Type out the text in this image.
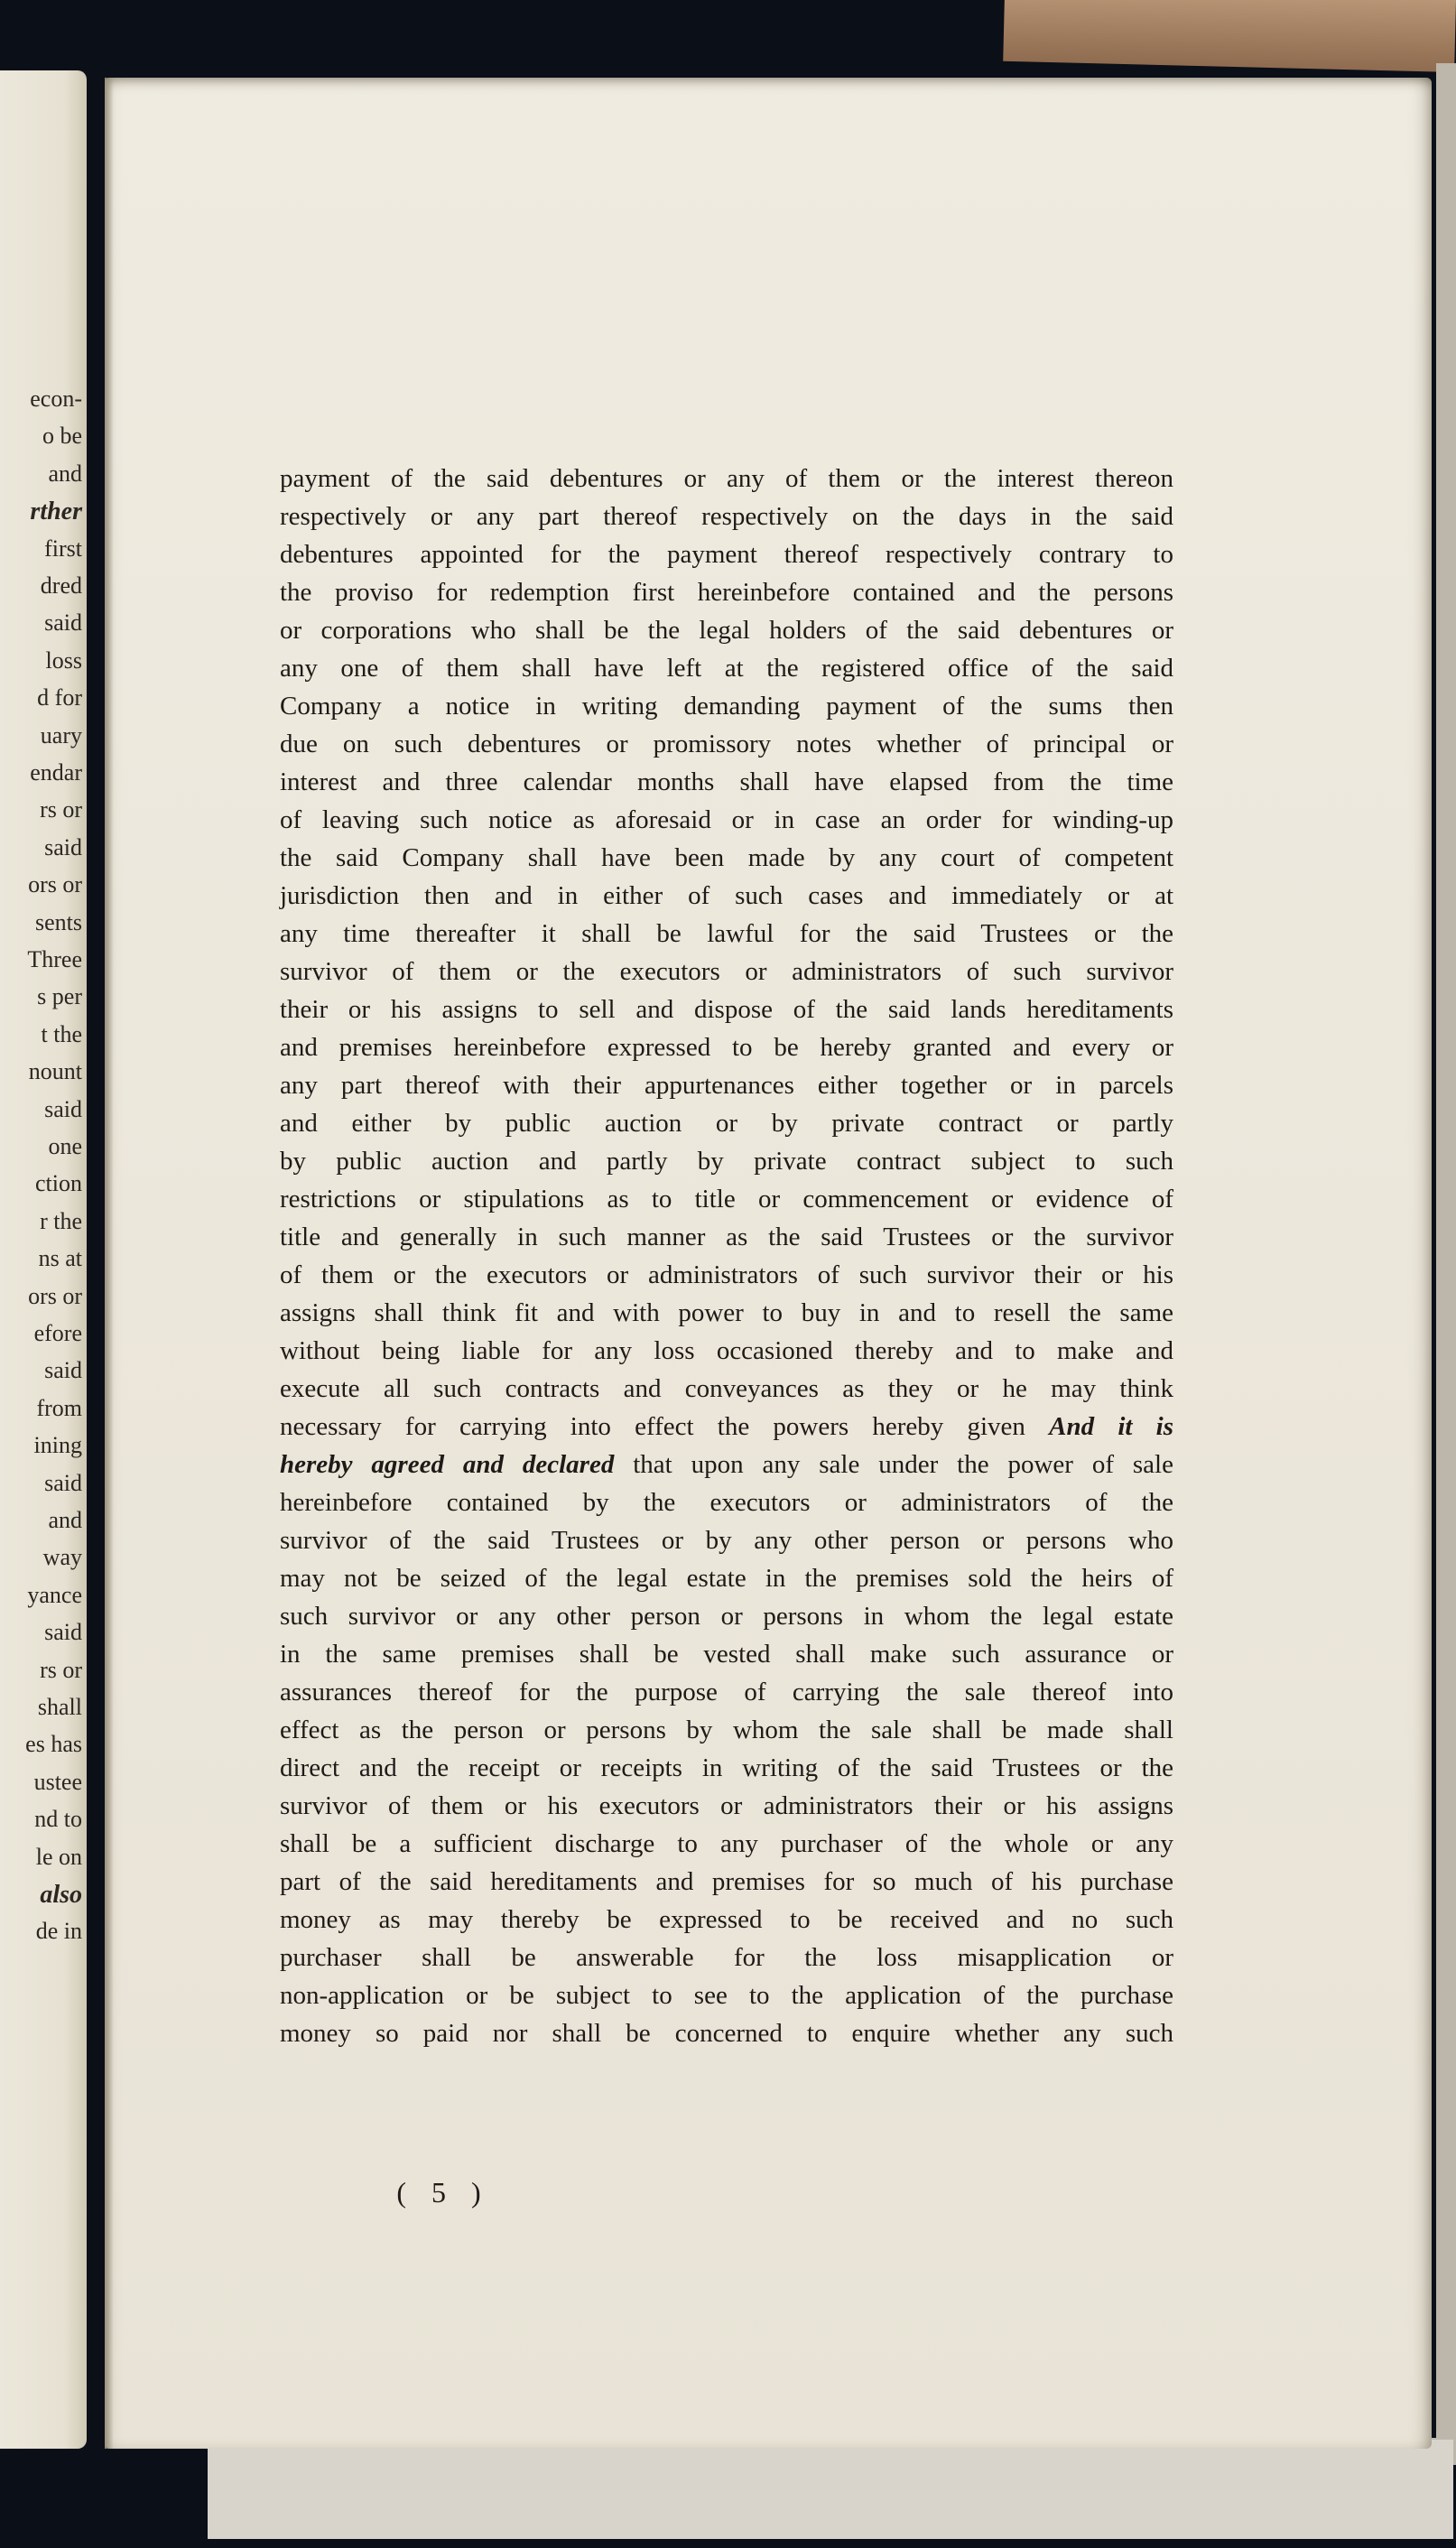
econ-
o be
and
rther
first
dred
said
loss
d for
uary
endar
rs or
said
ors or
sents
Three
s per
t the
nount
said
one
ction
r the
ns at
ors or
efore
said
from
ining
said
and
way
yance
said
rs or
shall
es has
ustee
nd to
le on
also
de in
payment of the said debentures or any of them or the interest thereon
respectively or any part thereof respectively on the days in the said
debentures appointed for the payment thereof respectively contrary to
the proviso for redemption first hereinbefore contained and the persons
or corporations who shall be the legal holders of the said debentures or
any one of them shall have left at the registered office of the said
Company a notice in writing demanding payment of the sums then
due on such debentures or promissory notes whether of principal or
interest and three calendar months shall have elapsed from the time
of leaving such notice as aforesaid or in case an order for winding-up
the said Company shall have been made by any court of competent
jurisdiction then and in either of such cases and immediately or at
any time thereafter it shall be lawful for the said Trustees or the
survivor of them or the executors or administrators of such survivor
their or his assigns to sell and dispose of the said lands hereditaments
and premises hereinbefore expressed to be hereby granted and every or
any part thereof with their appurtenances either together or in parcels
and either by public auction or by private contract or partly
by public auction and partly by private contract subject to such
restrictions or stipulations as to title or commencement or evidence of
title and generally in such manner as the said Trustees or the survivor
of them or the executors or administrators of such survivor their or his
assigns shall think fit and with power to buy in and to resell the same
without being liable for any loss occasioned thereby and to make and
execute all such contracts and conveyances as they or he may think
necessary for carrying into effect the powers hereby given And it is
hereby agreed and declared that upon any sale under the power of sale
hereinbefore contained by the executors or administrators of the
survivor of the said Trustees or by any other person or persons who
may not be seized of the legal estate in the premises sold the heirs of
such survivor or any other person or persons in whom the legal estate
in the same premises shall be vested shall make such assurance or
assurances thereof for the purpose of carrying the sale thereof into
effect as the person or persons by whom the sale shall be made shall
direct and the receipt or receipts in writing of the said Trustees or the
survivor of them or his executors or administrators their or his assigns
shall be a sufficient discharge to any purchaser of the whole or any
part of the said hereditaments and premises for so much of his purchase
money as may thereby be expressed to be received and no such
purchaser shall be answerable for the loss misapplication or
non-application or be subject to see to the application of the purchase
money so paid nor shall be concerned to enquire whether any such
( 5 )
